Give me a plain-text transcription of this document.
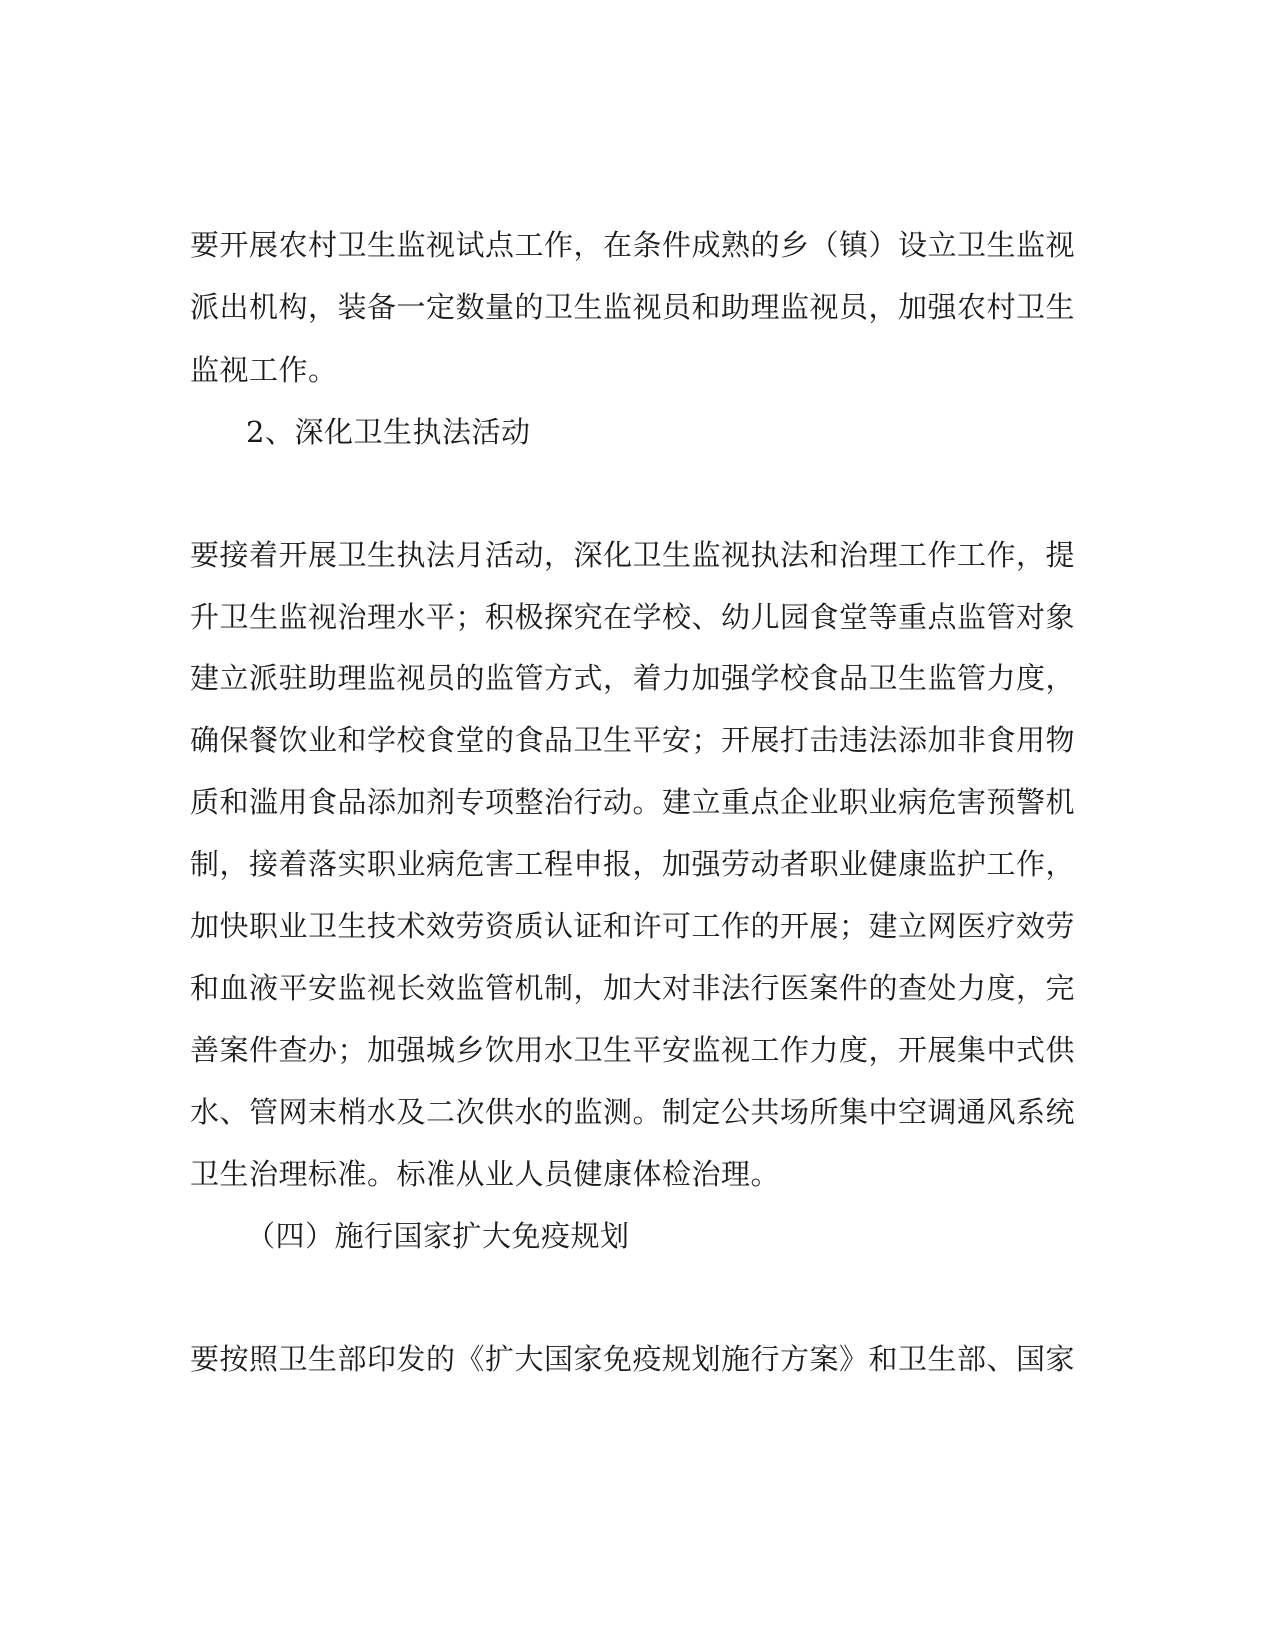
要开展农村卫生监视试点工作，在条件成熟的乡（镇）设立卫生监视
派出机构，装备一定数量的卫生监视员和助理监视员，加强农村卫生
监视工作。
2、深化卫生执法活动
要接着开展卫生执法月活动，深化卫生监视执法和治理工作工作，提
升卫生监视治理水平；积极探究在学校、幼儿园食堂等重点监管对象
建立派驻助理监视员的监管方式，着力加强学校食品卫生监管力度，
确保餐饮业和学校食堂的食品卫生平安；开展打击违法添加非食用物
质和滥用食品添加剂专项整治行动。建立重点企业职业病危害预警机
制，接着落实职业病危害工程申报，加强劳动者职业健康监护工作，
加快职业卫生技术效劳资质认证和许可工作的开展；建立网医疗效劳
和血液平安监视长效监管机制，加大对非法行医案件的查处力度，完
善案件查办；加强城乡饮用水卫生平安监视工作力度，开展集中式供
水、管网末梢水及二次供水的监测。制定公共场所集中空调通风系统
卫生治理标准。标准从业人员健康体检治理。
（四）施行国家扩大免疫规划
要按照卫生部印发的《扩大国家免疫规划施行方案》和卫生部、国家
